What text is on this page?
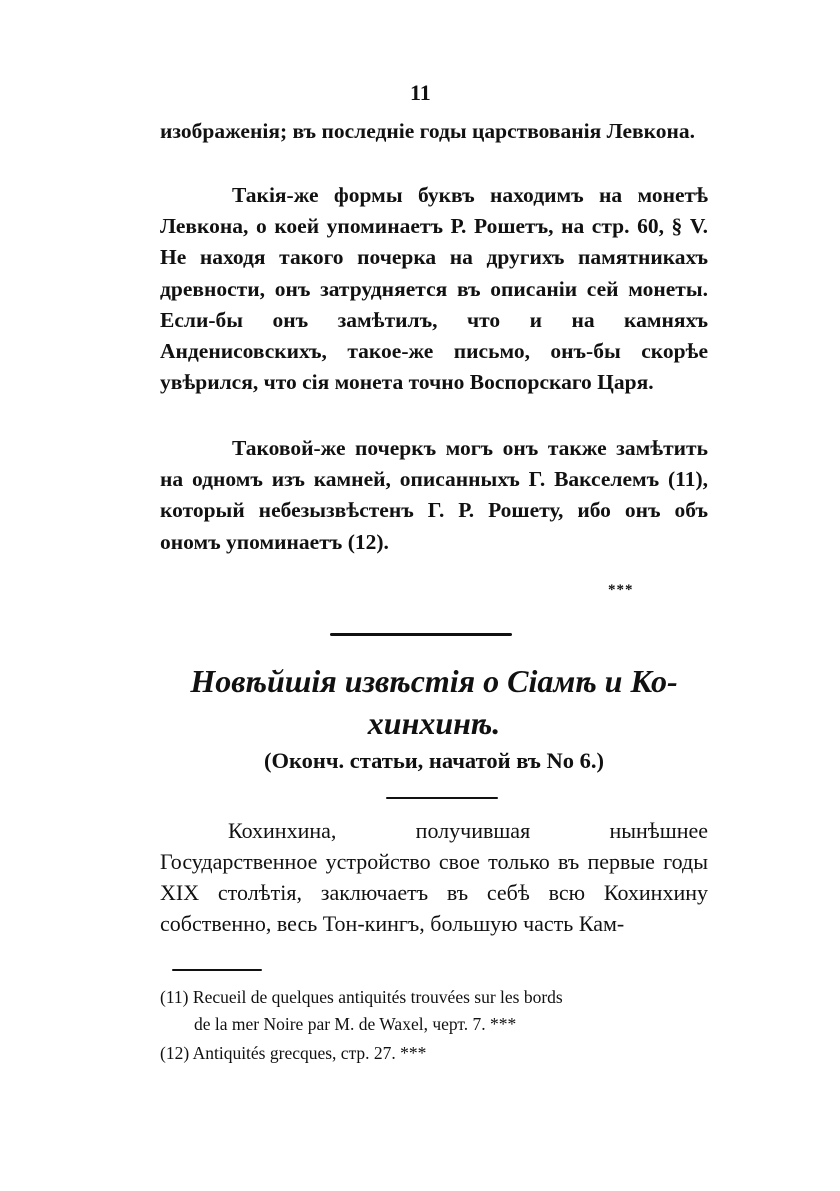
11

изображенія; въ последніе годы царствованія Левкона.

Такія-же формы буквъ находимъ на монетѣ Левкона, о коей упоминаетъ Р. Рошетъ, на стр. 60, § V. Не находя такого почерка на другихъ памятникахъ древности, онъ затрудняется въ описаніи сей монеты. Если-бы онъ замѣтилъ, что и на камняхъ Анденисовскихъ, такое-же письмо, онъ-бы скорѣе увѣрился, что сія монета точно Воспорскаго Царя.

Таковой-же почеркъ могъ онъ также замѣтить на одномъ изъ камней, описанныхъ Г. Вакселемъ (11), который небезызвѣстенъ Г. Р. Рошету, ибо онъ объ ономъ упоминаетъ (12).

***
Новѣйшія извѣстія о Сіамѣ и Ко-
хинхинѣ.
(Оконч. статьи, начатой въ No 6.)
Кохинхина, получившая нынѣшнее Государственное устройство свое только въ первые годы XIX столѣтія, заключаетъ въ себѣ всю Кохинхину собственно, весь Тон-кингъ, большую часть Кам-
(11) Recueil de quelques antiquités trouvées sur les bords
de la mer Noire par M. de Waxel, черт. 7. ***
(12) Antiquités grecques, стр. 27. ***
